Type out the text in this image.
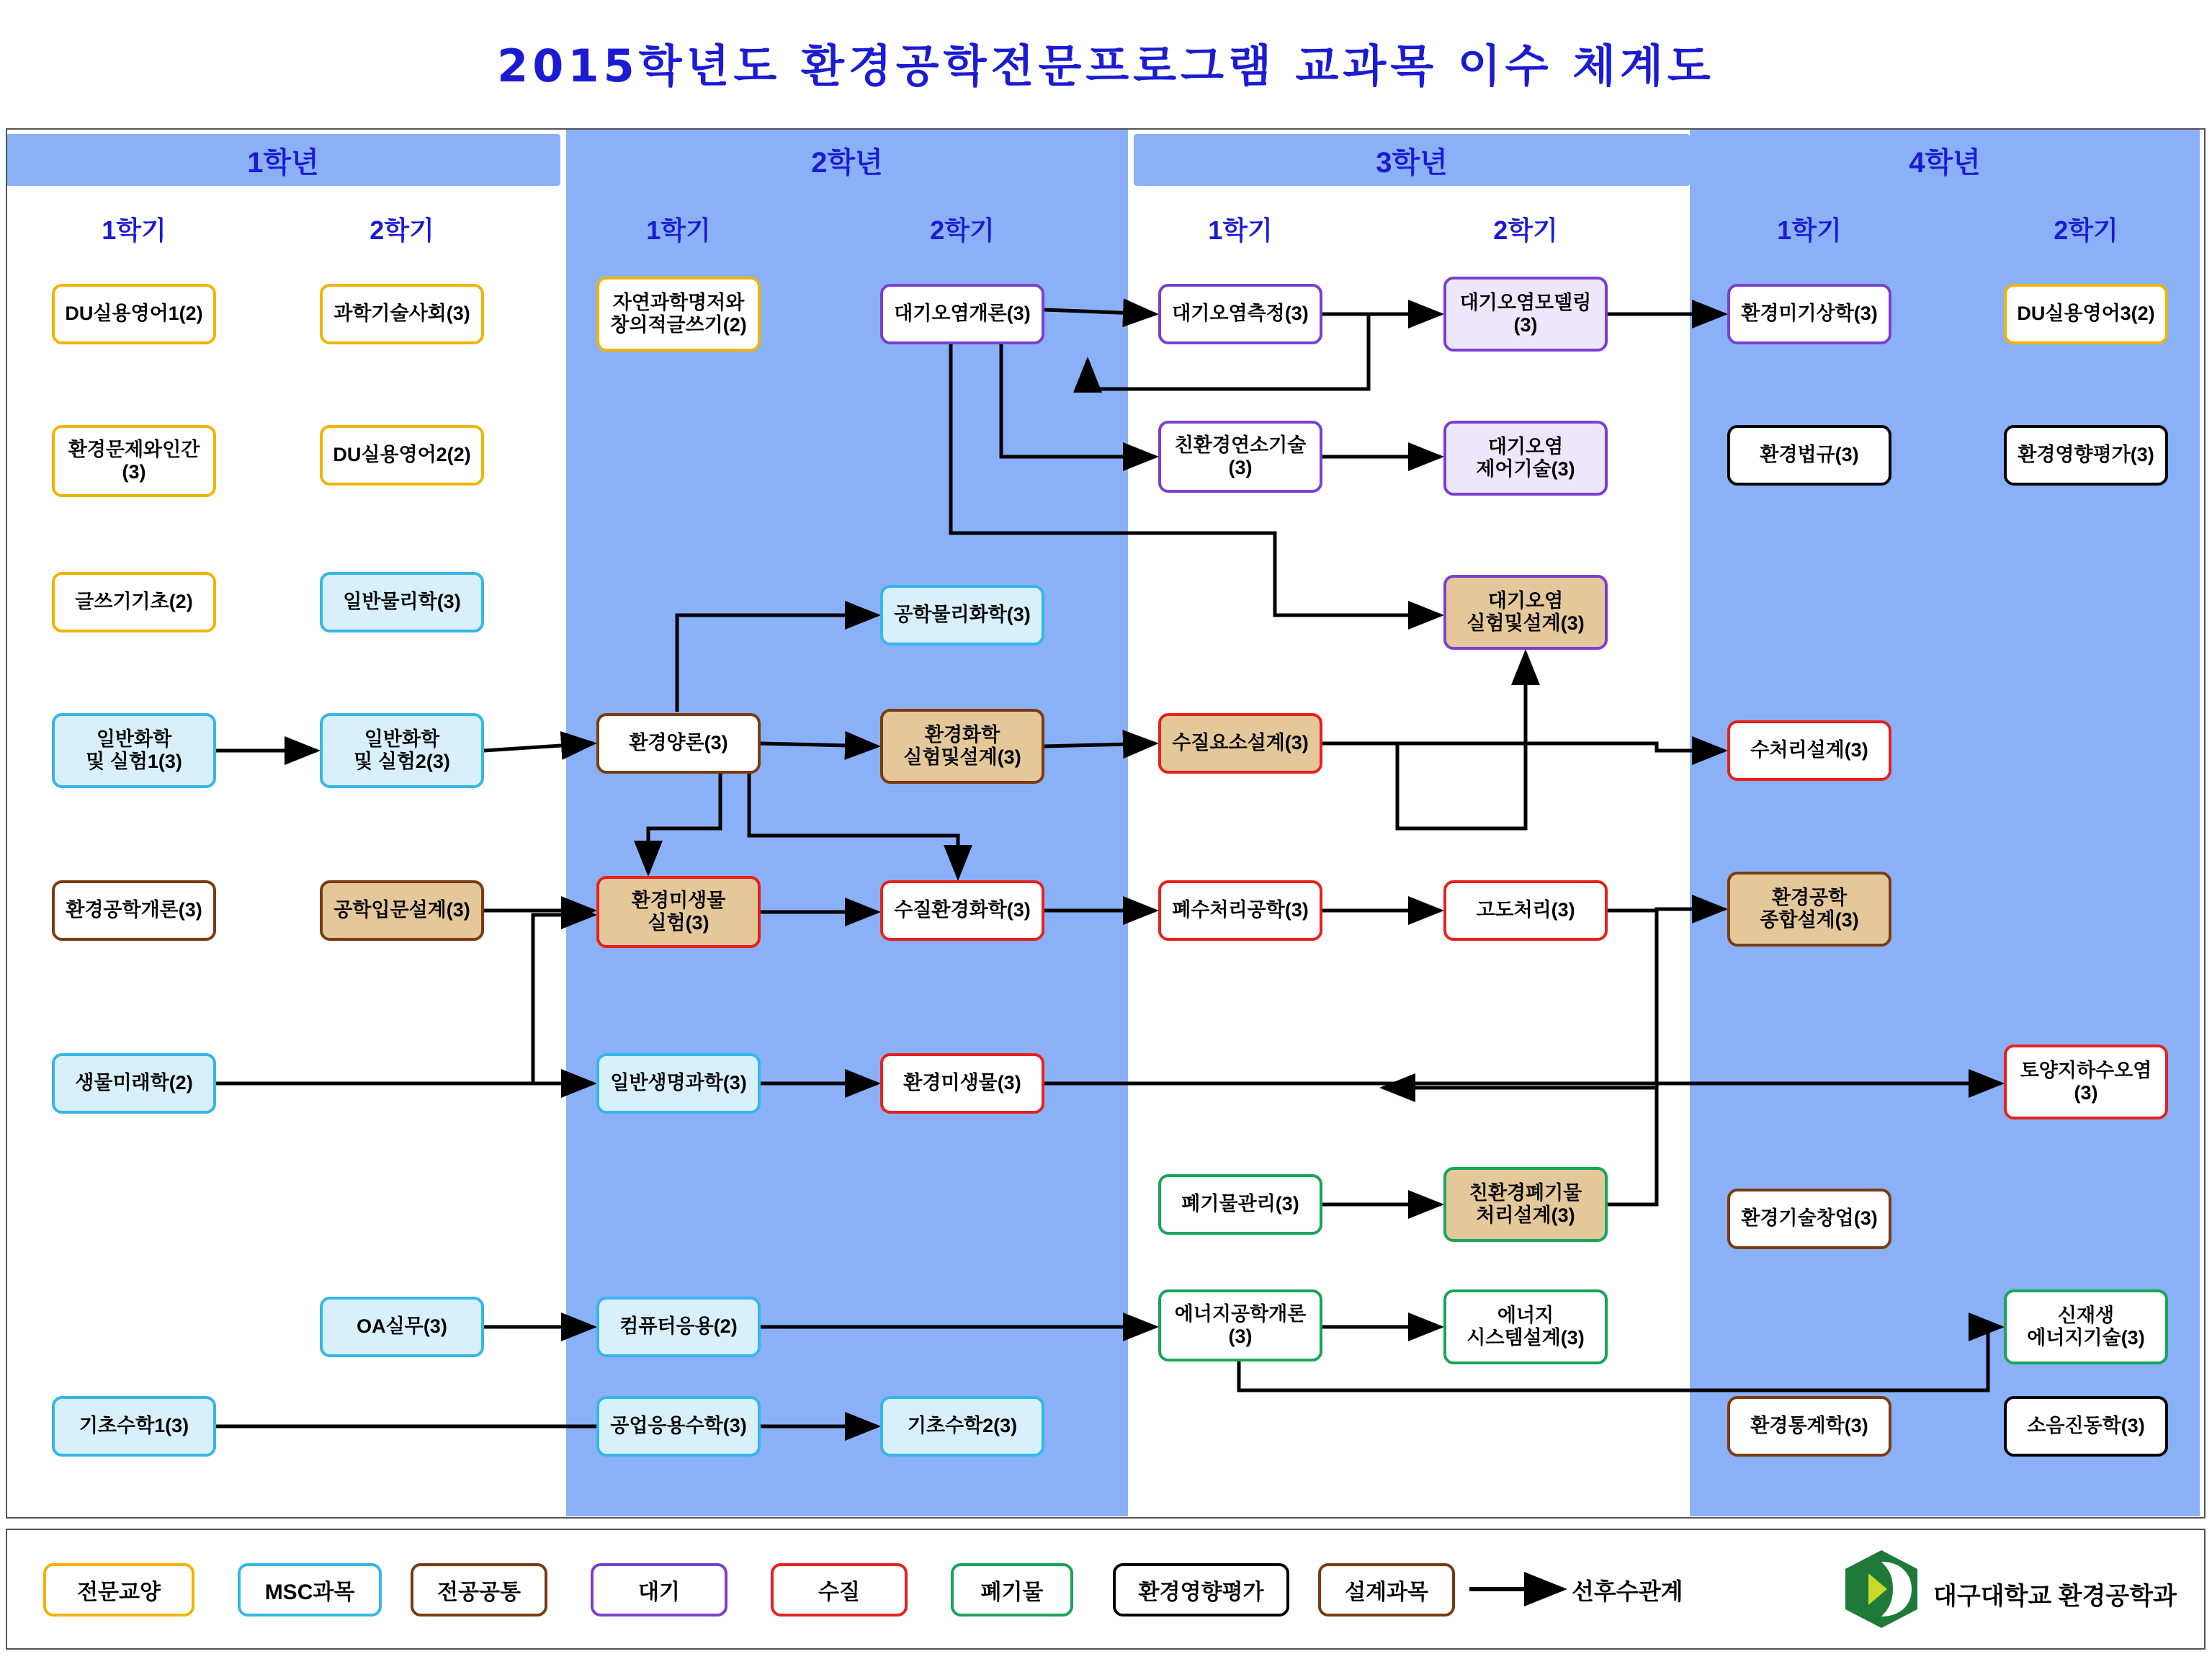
2015학년도 환경공학전문프로그램 교과목 이수 체계도
1학년	2학년	3학년	4학년
1학기	2학기	1학기	2학기	1학기	2학기	1학기	2학기
DU실용영어1(2)
환경문제와인간
(3)
글쓰기기초(2)
일반화학
및 실험1(3)
환경공학개론(3)
생물미래학(2)
기초수학1(3)
과학기술사회(3)
DU실용영어2(2)
일반물리학(3)
일반화학
및 실험2(3)
공학입문설계(3)
OA실무(3)
자연과학명저와
창의적글쓰기(2)
환경양론(3)
환경미생물
실험(3)
일반생명과학(3)
컴퓨터응용(2)
공업응용수학(3)
대기오염개론(3)
공학물리화학(3)
환경화학
실험및설계(3)
수질환경화학(3)
환경미생물(3)
기초수학2(3)
대기오염측정(3)
친환경연소기술
(3)
수질요소설계(3)
폐수처리공학(3)
폐기물관리(3)
에너지공학개론
(3)
대기오염모델링
(3)
대기오염
제어기술(3)
대기오염
실험및설계(3)
고도처리(3)
친환경폐기물
처리설계(3)
에너지
시스템설계(3)
환경미기상학(3)
환경법규(3)
수처리설계(3)
환경공학
종합설계(3)
환경기술창업(3)
환경통계학(3)
DU실용영어3(2)
환경영향평가(3)
토양지하수오염
(3)
신재생
에너지기술(3)
소음진동학(3)
전문교양	MSC과목	전공공통	대기	수질	폐기물	환경영향평가	설계과목	선후수관계	대구대학교 환경공학과
